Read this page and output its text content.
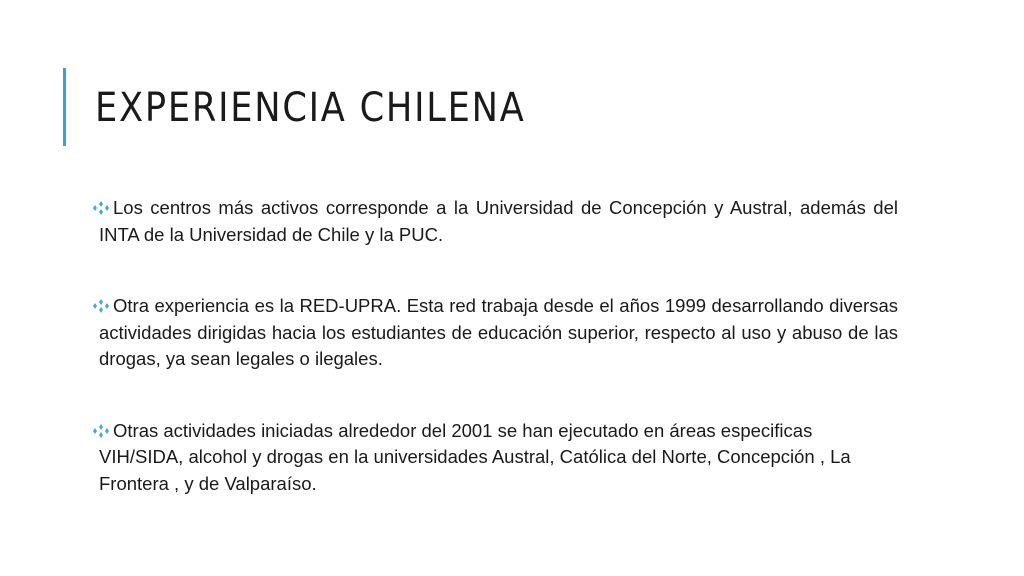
EXPERIENCIA CHILENA
Los centros más activos corresponde a la Universidad de Concepción y Austral, además del INTA de la Universidad de Chile y la PUC.
Otra experiencia es la RED-UPRA. Esta red trabaja desde el años 1999 desarrollando diversas actividades dirigidas hacia los estudiantes de educación superior, respecto al uso y abuso de las drogas, ya sean legales o ilegales.
Otras actividades iniciadas alrededor del 2001 se han ejecutado en áreas especificas VIH/SIDA, alcohol y drogas en la universidades Austral, Católica del Norte, Concepción , La Frontera , y de Valparaíso.
